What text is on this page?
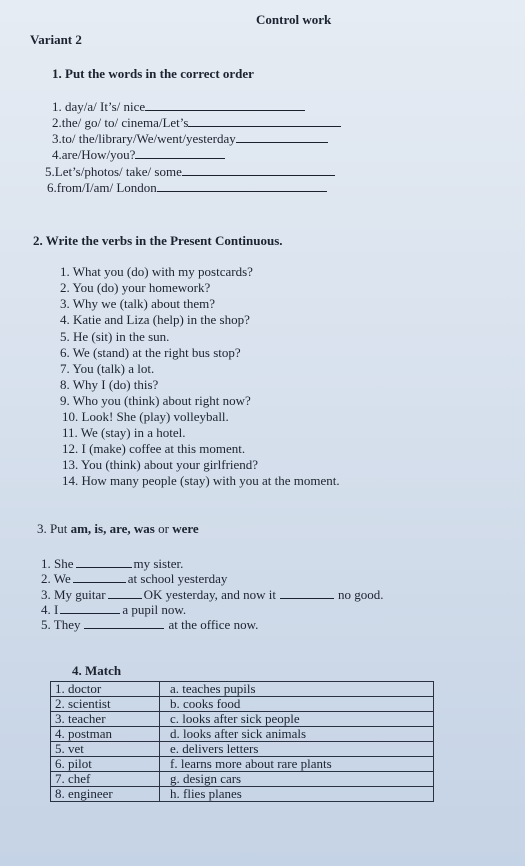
Control work
Variant 2
1. Put the words in the correct order
1. day/a/ It’s/ nice
2.the/ go/ to/ cinema/Let’s
3.to/ the/library/We/went/yesterday
4.are/How/you?
5.Let’s/photos/ take/ some
6.from/I/am/ London
2. Write the verbs in the Present Continuous.
1. What you (do) with my postcards?
2. You (do) your homework?
3. Why we (talk) about them?
4. Katie and Liza (help) in the shop?
5. He (sit) in the sun.
6. We (stand) at the right bus stop?
7. You (talk) a lot.
8. Why I (do) this?
9. Who you (think) about right now?
10. Look! She (play) volleyball.
11. We (stay) in a hotel.
12. I (make) coffee at this moment.
13. You (think) about your girlfriend?
14. How many people (stay) with you at the moment.
3. Put am, is, are, was or were
1. She	my sister.
2. We	at school yesterday
3. My guitar	OK yesterday, and now it	no good.
4. I	a pupil now.
5. They	at the office now.
4. Match
1. doctor	a. teaches pupils
2. scientist	b. cooks food
3. teacher	c. looks after sick people
4. postman	d. looks after sick animals
5. vet	e. delivers letters
6. pilot	f. learns more about rare plants
7. chef	g. design cars
8. engineer	h. flies planes
